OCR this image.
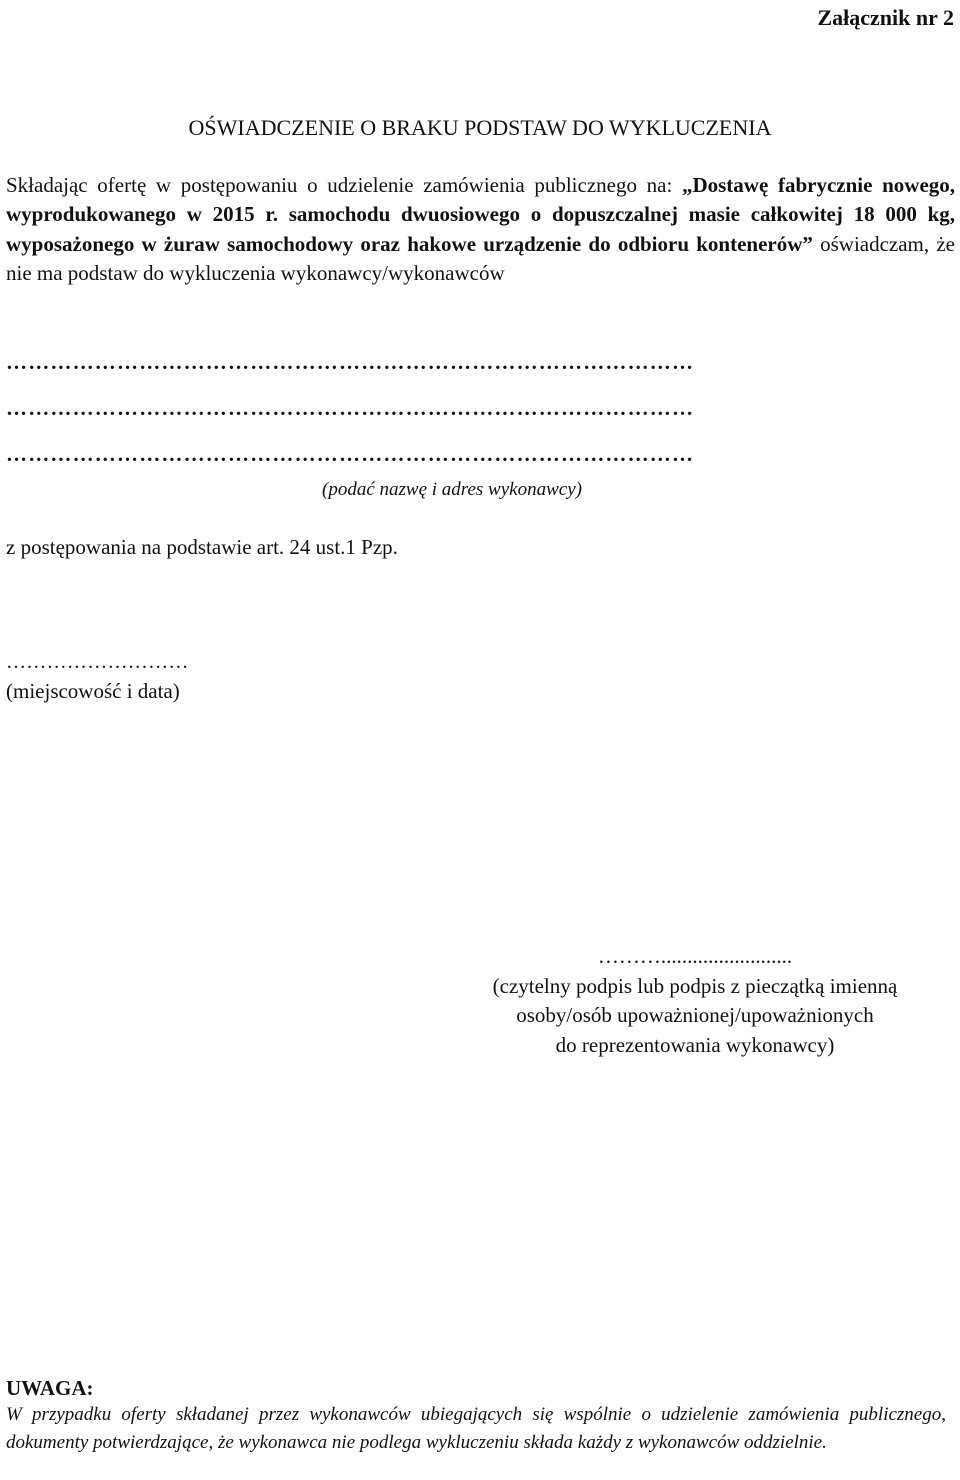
Załącznik nr 2
OŚWIADCZENIE O BRAKU PODSTAW DO WYKLUCZENIA
Składając ofertę w postępowaniu o udzielenie zamówienia publicznego na: „Dostawę fabrycznie nowego, wyprodukowanego w 2015 r. samochodu dwuosiowego o dopuszczalnej masie całkowitej 18 000 kg, wyposażonego w żuraw samochodowy oraz hakowe urządzenie do odbioru kontenerów” oświadczam, że nie ma podstaw do wykluczenia wykonawcy/wykonawców
…………………………………………………………………………………
…………………………………………………………………………………
…………………………………………………………………………………
(podać nazwę i adres wykonawcy)
z postępowania na podstawie art. 24 ust.1 Pzp.
………………………
(miejscowość i data)
……….........................
(czytelny podpis lub podpis z pieczątką imienną
osoby/osób upoważnionej/upoważnionych
do reprezentowania wykonawcy)
UWAGA:
W przypadku oferty składanej przez wykonawców ubiegających się wspólnie o udzielenie zamówienia publicznego, dokumenty potwierdzające, że wykonawca nie podlega wykluczeniu składa każdy z wykonawców oddzielnie.
